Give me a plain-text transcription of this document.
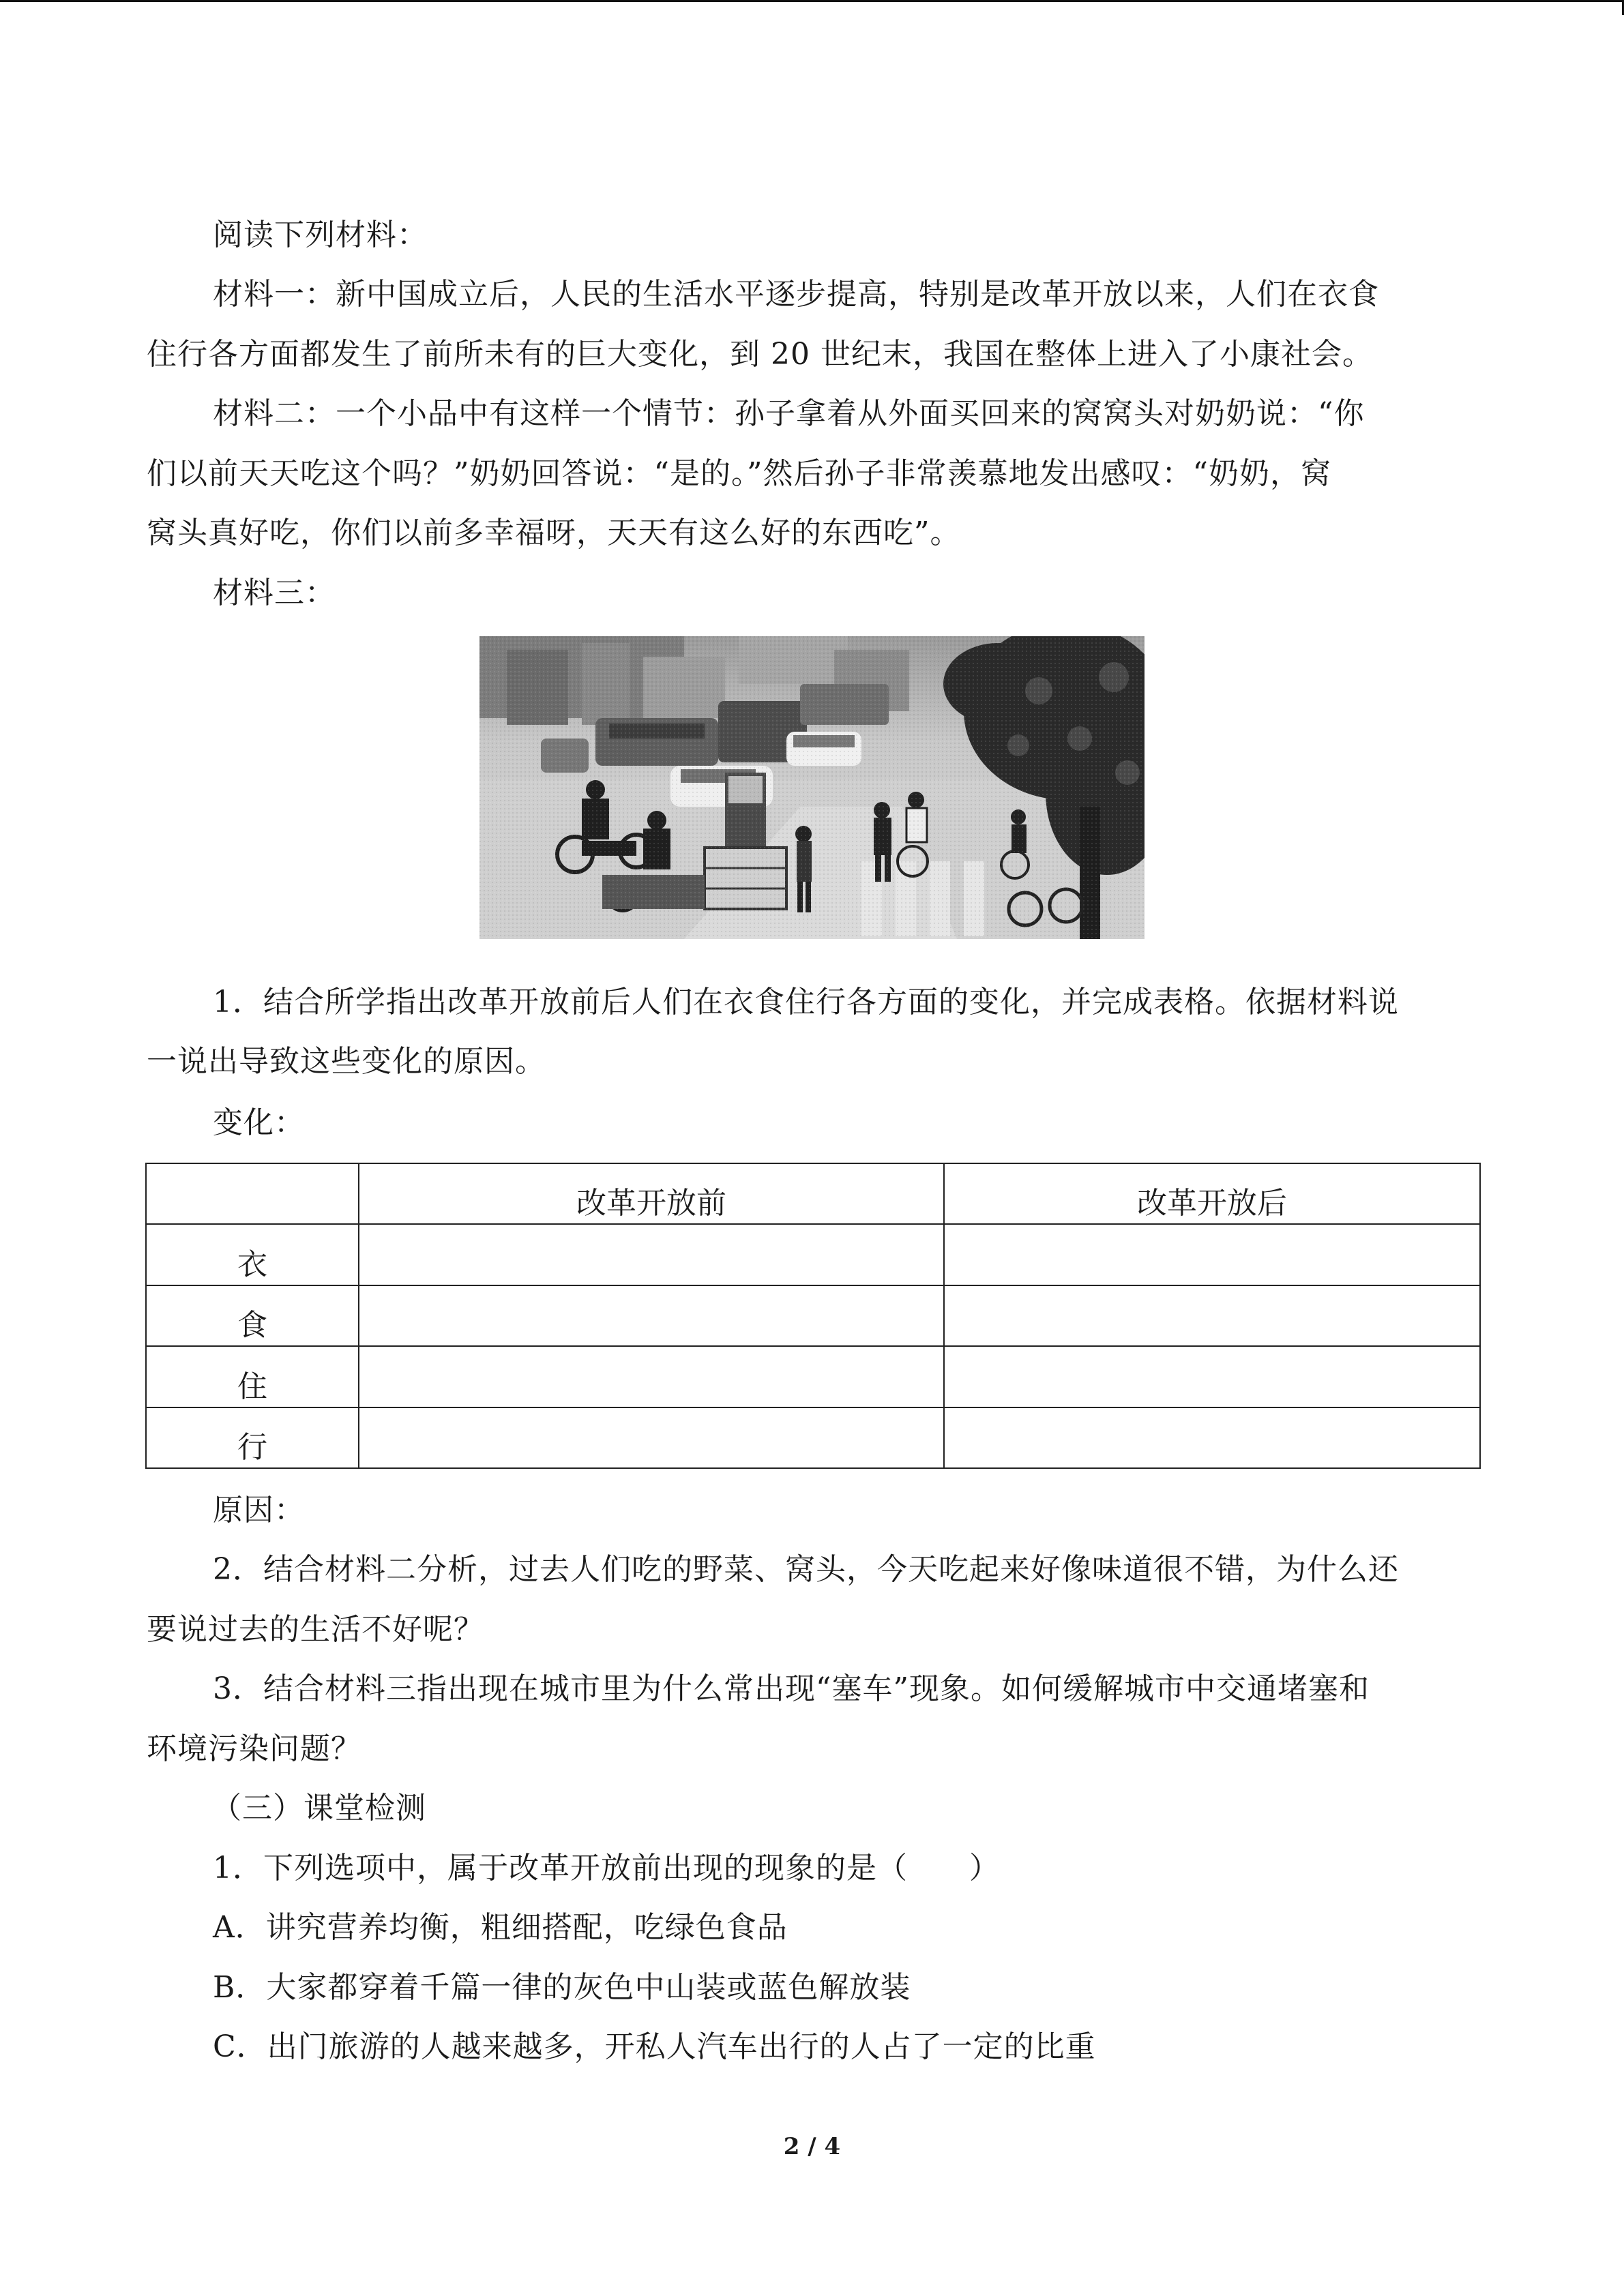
阅读下列材料：
材料一：新中国成立后，人民的生活水平逐步提高，特别是改革开放以来，人们在衣食
住行各方面都发生了前所未有的巨大变化，到 20 世纪末，我国在整体上进入了小康社会。
材料二：一个小品中有这样一个情节：孙子拿着从外面买回来的窝窝头对奶奶说：“你
们以前天天吃这个吗？”奶奶回答说：“是的。”然后孙子非常羡慕地发出感叹：“奶奶，窝
窝头真好吃，你们以前多幸福呀，天天有这么好的东西吃”。
材料三：
1．结合所学指出改革开放前后人们在衣食住行各方面的变化，并完成表格。依据材料说
一说出导致这些变化的原因。
变化：
	改革开放前	改革开放后
衣		
食		
住		
行		
原因：
2．结合材料二分析，过去人们吃的野菜、窝头，今天吃起来好像味道很不错，为什么还
要说过去的生活不好呢？
3．结合材料三指出现在城市里为什么常出现“塞车”现象。如何缓解城市中交通堵塞和
环境污染问题？
（三）课堂检测
1．下列选项中，属于改革开放前出现的现象的是（　　）
A．讲究营养均衡，粗细搭配，吃绿色食品
B．大家都穿着千篇一律的灰色中山装或蓝色解放装
C．出门旅游的人越来越多，开私人汽车出行的人占了一定的比重
2 / 4
